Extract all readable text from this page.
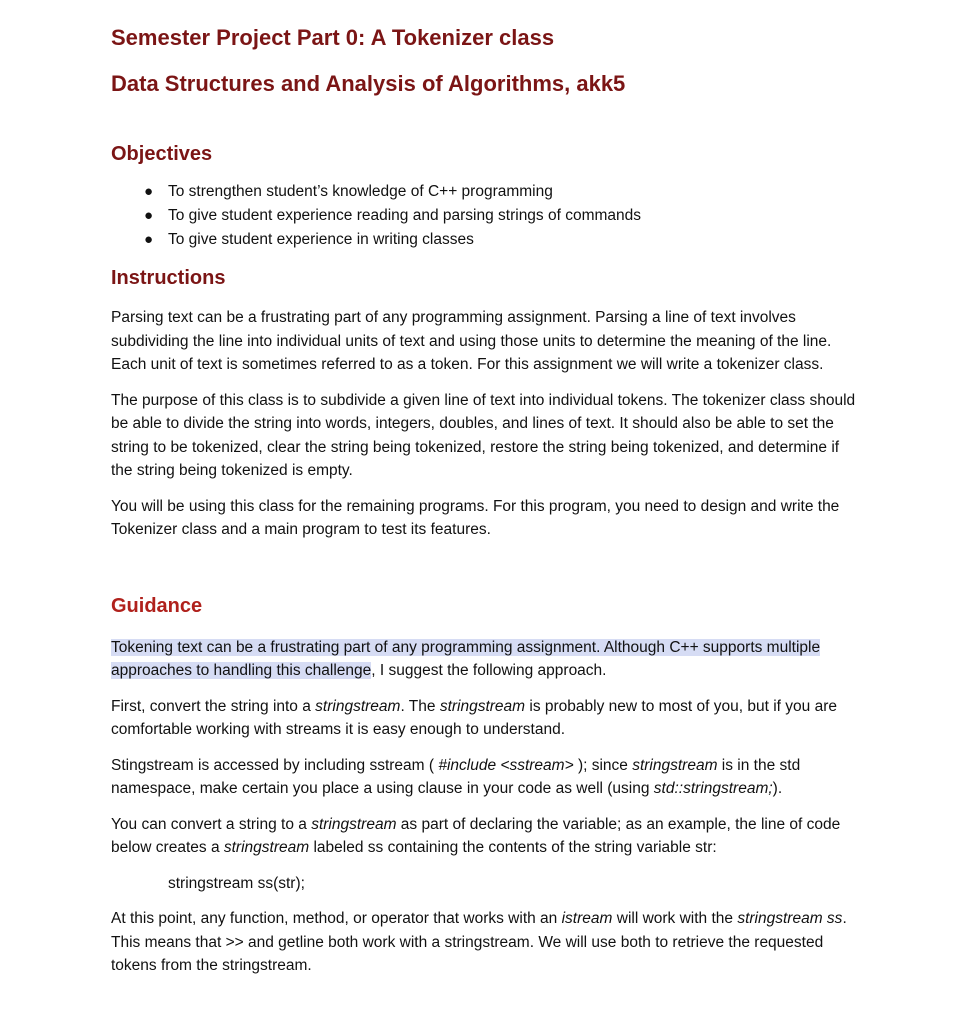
Semester Project Part 0: A Tokenizer class
Data Structures and Analysis of Algorithms, akk5
Objectives
● To strengthen student’s knowledge of C++ programming
● To give student experience reading and parsing strings of commands
● To give student experience in writing classes
Instructions

Parsing text can be a frustrating part of any programming assignment. Parsing a line of text involves subdividing the line into individual units of text and using those units to determine the meaning of the line. Each unit of text is sometimes referred to as a token. For this assignment we will write a tokenizer class.

The purpose of this class is to subdivide a given line of text into individual tokens. The tokenizer class should be able to divide the string into words, integers, doubles, and lines of text. It should also be able to set the string to be tokenized, clear the string being tokenized, restore the string being tokenized, and determine if the string being tokenized is empty.

You will be using this class for the remaining programs. For this program, you need to design and write the Tokenizer class and a main program to test its features.

Guidance

Tokening text can be a frustrating part of any programming assignment. Although C++ supports multiple approaches to handling this challenge, I suggest the following approach.

First, convert the string into a stringstream. The stringstream is probably new to most of you, but if you are comfortable working with streams it is easy enough to understand.

Stingstream is accessed by including sstream ( #include <sstream> ); since stringstream is in the std namespace, make certain you place a using clause in your code as well (using std::stringstream;).

You can convert a string to a stringstream as part of declaring the variable; as an example, the line of code below creates a stringstream labeled ss containing the contents of the string variable str:

stringstream ss(str);

At this point, any function, method, or operator that works with an istream will work with the stringstream ss. This means that >> and getline both work with a stringstream. We will use both to retrieve the requested tokens from the stringstream.
